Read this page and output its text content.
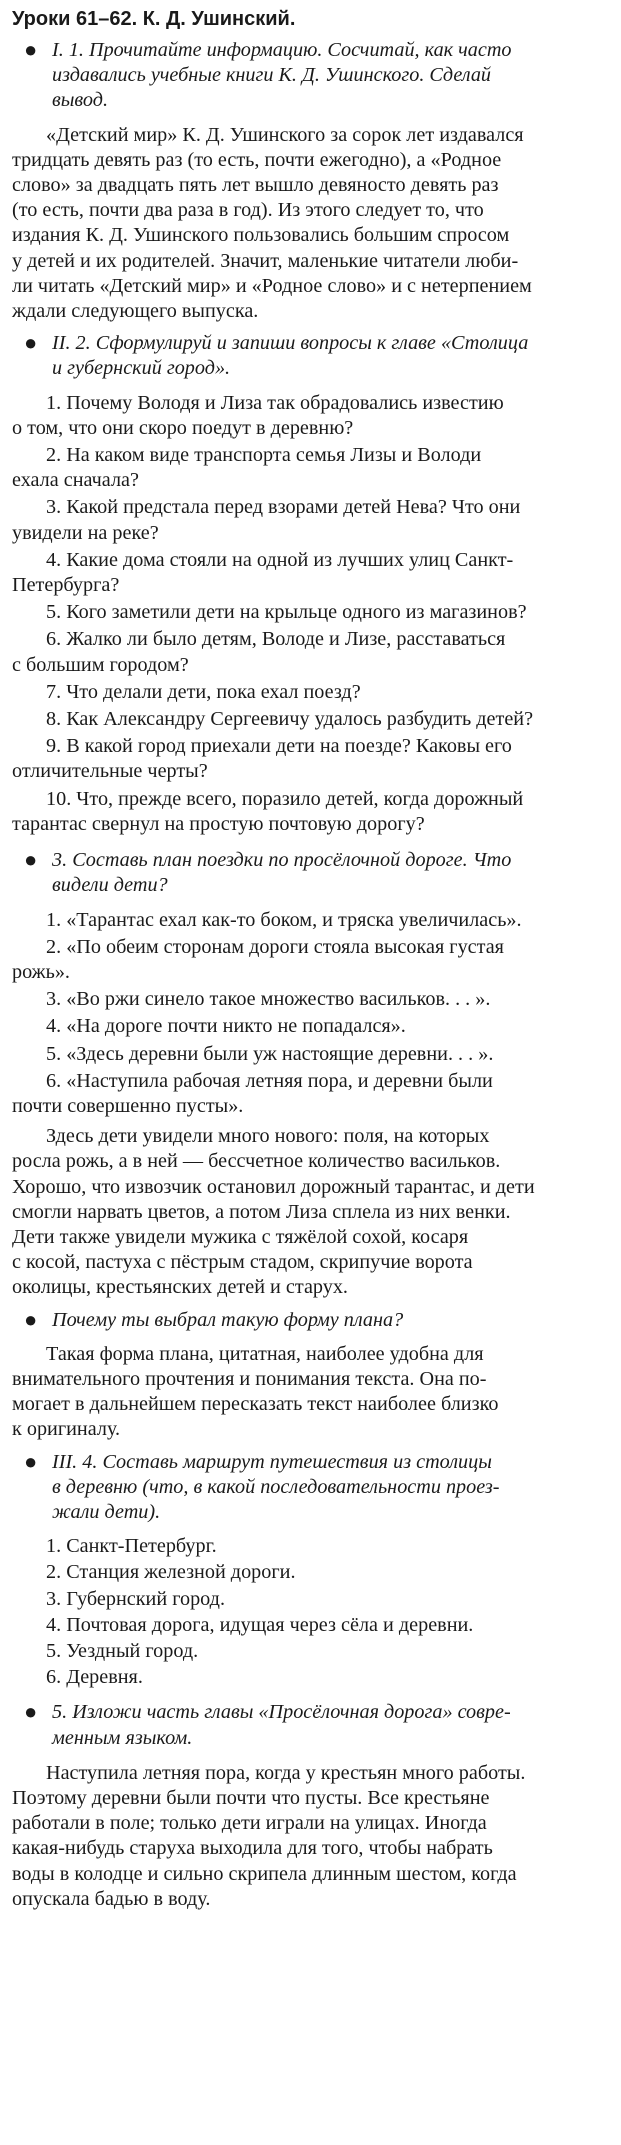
Уроки 61–62. К. Д. Ушинский.
● I. 1. Прочитайте информацию. Сосчитай, как часто
издавались учебные книги К. Д. Ушинского. Сделай
вывод.
«Детский мир» К. Д. Ушинского за сорок лет издавался
тридцать девять раз (то есть, почти ежегодно), а «Родное
слово» за двадцать пять лет вышло девяносто девять раз
(то есть, почти два раза в год). Из этого следует то, что
издания К. Д. Ушинского пользовались большим спросом
у детей и их родителей. Значит, маленькие читатели люби-
ли читать «Детский мир» и «Родное слово» и с нетерпением
ждали следующего выпуска.
● II. 2. Сформулируй и запиши вопросы к главе «Столица
и губернский город».
1. Почему Володя и Лиза так обрадовались известию
о том, что они скоро поедут в деревню?
2. На каком виде транспорта семья Лизы и Володи
ехала сначала?
3. Какой предстала перед взорами детей Нева? Что они
увидели на реке?
4. Какие дома стояли на одной из лучших улиц Санкт-
Петербурга?
5. Кого заметили дети на крыльце одного из магазинов?
6. Жалко ли было детям, Володе и Лизе, расставаться
с большим городом?
7. Что делали дети, пока ехал поезд?
8. Как Александру Сергеевичу удалось разбудить детей?
9. В какой город приехали дети на поезде? Каковы его
отличительные черты?
10. Что, прежде всего, поразило детей, когда дорожный
тарантас свернул на простую почтовую дорогу?
● 3. Составь план поездки по просёлочной дороге. Что
видели дети?
1. «Тарантас ехал как-то боком, и тряска увеличилась».
2. «По обеим сторонам дороги стояла высокая густая
рожь».
3. «Во ржи синело такое множество васильков. . . ».
4. «На дороге почти никто не попадался».
5. «Здесь деревни были уж настоящие деревни. . . ».
6. «Наступила рабочая летняя пора, и деревни были
почти совершенно пусты».
Здесь дети увидели много нового: поля, на которых
росла рожь, а в ней — бессчетное количество васильков.
Хорошо, что извозчик остановил дорожный тарантас, и дети
смогли нарвать цветов, а потом Лиза сплела из них венки.
Дети также увидели мужика с тяжёлой сохой, косаря
с косой, пастуха с пёстрым стадом, скрипучие ворота
околицы, крестьянских детей и старух.
● Почему ты выбрал такую форму плана?
Такая форма плана, цитатная, наиболее удобна для
внимательного прочтения и понимания текста. Она по-
могает в дальнейшем пересказать текст наиболее близко
к оригиналу.
● III. 4. Составь маршрут путешествия из столицы
в деревню (что, в какой последовательности проез-
жали дети).
1. Санкт-Петербург.
2. Станция железной дороги.
3. Губернский город.
4. Почтовая дорога, идущая через сёла и деревни.
5. Уездный город.
6. Деревня.
● 5. Изложи часть главы «Просёлочная дорога» совре-
менным языком.
Наступила летняя пора, когда у крестьян много работы.
Поэтому деревни были почти что пусты. Все крестьяне
работали в поле; только дети играли на улицах. Иногда
какая-нибудь старуха выходила для того, чтобы набрать
воды в колодце и сильно скрипела длинным шестом, когда
опускала бадью в воду.
